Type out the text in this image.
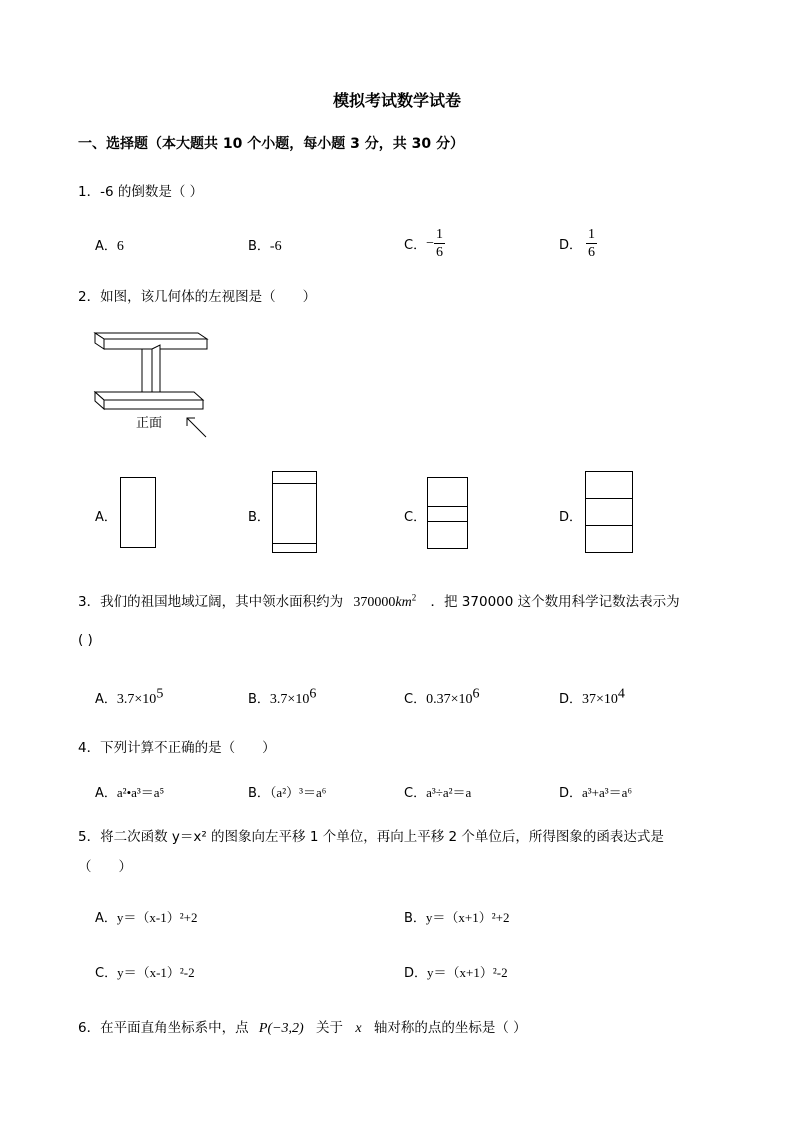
模拟考试数学试卷
一、选择题（本大题共 10 个小题，每小题 3 分，共 30 分）
1．-6 的倒数是（ ）
A．6	B．-6	C． − $\frac{1}{6}$	D． $\frac{1}{6}$
2．如图，该几何体的左视图是（　　）
正面
A．	B．	C．	D．
3．我们的祖国地域辽阔，其中领水面积约为 $370000km^2$ ．把 370000 这个数用科学记数法表示为
( )
A．$3.7\times 10^5$	B．$3.7\times 10^6$	C．$0.37\times 10^6$	D．$37\times 10^4$
4．下列计算不正确的是（　　）
A．a²•a³＝a⁵	B．（a²）³＝a⁶	C．a³÷a²＝a	D．a³+a³＝a⁶
5．将二次函数 y＝x² 的图象向左平移 1 个单位，再向上平移 2 个单位后，所得图象的函表达式是
（　　）
A．y＝（x-1）²+2	B．y＝（x+1）²+2
C．y＝（x-1）²-2	D．y＝（x+1）²-2
6．在平面直角坐标系中，点 P(−3,2) 关于 x 轴对称的点的坐标是（ ）
